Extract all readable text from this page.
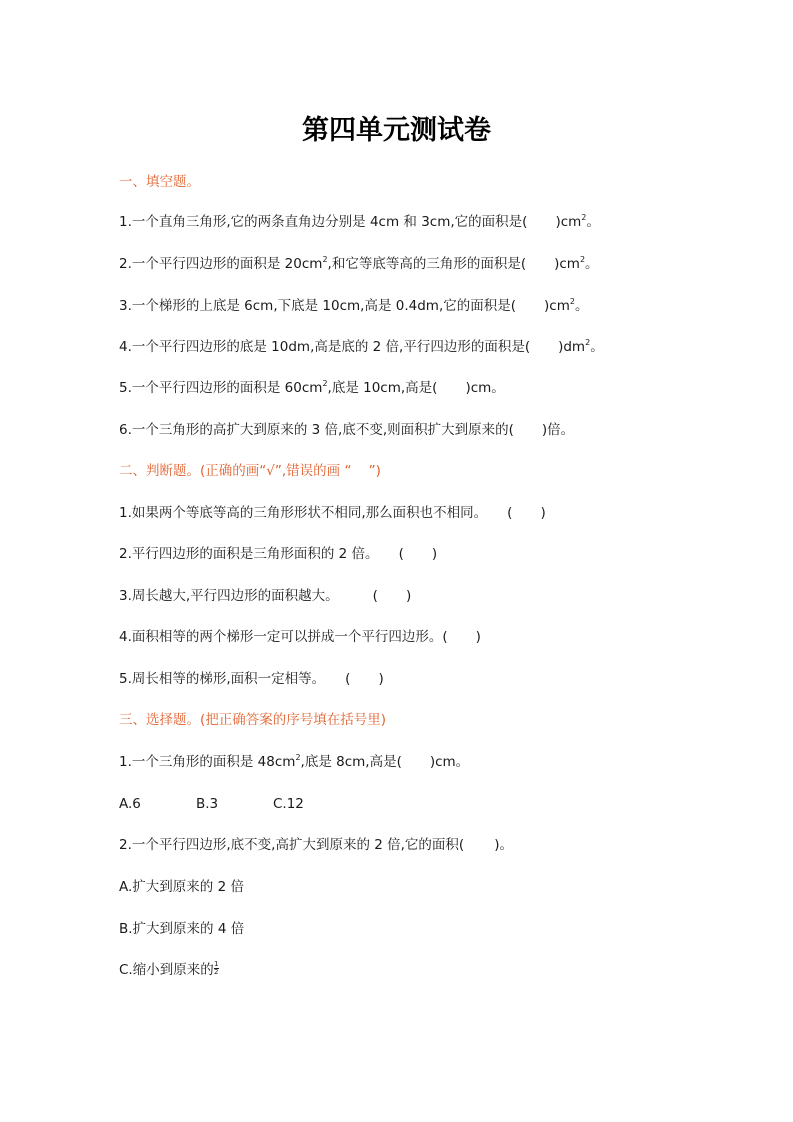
第四单元测试卷
一、填空题。
1.一个直角三角形,它的两条直角边分别是 4cm 和 3cm,它的面积是( )$cm^2$。
2.一个平行四边形的面积是 $20cm^2$,和它等底等高的三角形的面积是( )$cm^2$。
3.一个梯形的上底是 6cm,下底是 10cm,高是 0.4dm,它的面积是( )$cm^2$。
4.一个平行四边形的底是 10dm,高是底的 2 倍,平行四边形的面积是( )$dm^2$。
5.一个平行四边形的面积是 $60cm^2$,底是 10cm,高是( )cm。
6.一个三角形的高扩大到原来的 3 倍,底不变,则面积扩大到原来的( )倍。
二、判断题。(正确的画“√”,错误的画 “    ”)
1.如果两个等底等高的三角形形状不相同,那么面积也不相同。 ( )
2.平行四边形的面积是三角形面积的 2 倍。 ( )
3.周长越大,平行四边形的面积越大。	( )
4.面积相等的两个梯形一定可以拼成一个平行四边形。( )
5.周长相等的梯形,面积一定相等。 ( )
三、选择题。(把正确答案的序号填在括号里)
1.一个三角形的面积是 $48cm^2$,底是 8cm,高是( )cm。
A.6	B.3	C.12
2.一个平行四边形,底不变,高扩大到原来的 2 倍,它的面积( )。
A.扩大到原来的 2 倍
B.扩大到原来的 4 倍
C.缩小到原来的 $\frac{1}{2}$
